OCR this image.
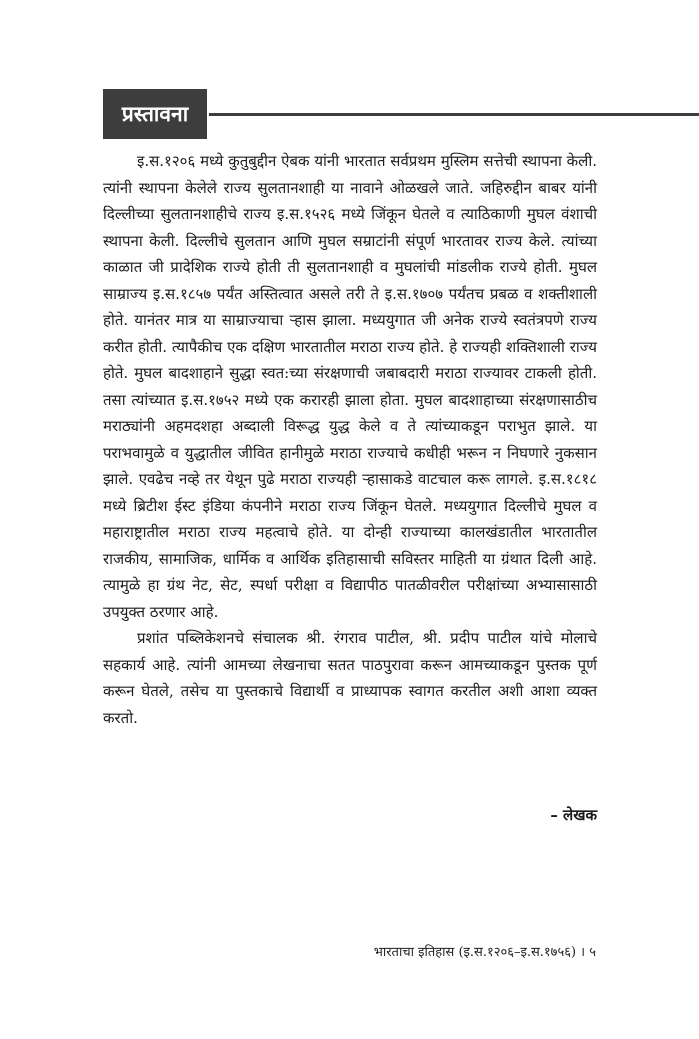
प्रस्तावना

इ.स.१२०६ मध्ये कुतुबुद्दीन ऐबक यांनी भारतात सर्वप्रथम मुस्लिम सत्तेची स्थापना केली. त्यांनी स्थापना केलेले राज्य सुलतानशाही या नावाने ओळखले जाते. जहिरुद्दीन बाबर यांनी दिल्लीच्या सुलतानशाहीचे राज्य इ.स.१५२६ मध्ये जिंकून घेतले व त्याठिकाणी मुघल वंशाची स्थापना केली. दिल्लीचे सुलतान आणि मुघल सम्राटांनी संपूर्ण भारतावर राज्य केले. त्यांच्या काळात जी प्रादेशिक राज्ये होती ती सुलतानशाही व मुघलांची मांडलीक राज्ये होती. मुघल साम्राज्य इ.स.१८५७ पर्यंत अस्तित्वात असले तरी ते इ.स.१७०७ पर्यंतच प्रबळ व शक्तीशाली होते. यानंतर मात्र या साम्राज्याचा ऱ्हास झाला. मध्ययुगात जी अनेक राज्ये स्वतंत्रपणे राज्य करीत होती. त्यापैकीच एक दक्षिण भारतातील मराठा राज्य होते. हे राज्यही शक्तिशाली राज्य होते. मुघल बादशाहाने सुद्धा स्वत:च्या संरक्षणाची जबाबदारी मराठा राज्यावर टाकली होती. तसा त्यांच्यात इ.स.१७५२ मध्ये एक करारही झाला होता. मुघल बादशाहाच्या संरक्षणासाठीच मराठ्यांनी अहमदशहा अब्दाली विरूद्ध युद्ध केले व ते त्यांच्याकडून पराभुत झाले. या पराभवामुळे व युद्धातील जीवित हानीमुळे मराठा राज्याचे कधीही भरून न निघणारे नुकसान झाले. एवढेच नव्हे तर येथून पुढे मराठा राज्यही ऱ्हासाकडे वाटचाल करू लागले. इ.स.१८१८ मध्ये ब्रिटीश ईस्ट इंडिया कंपनीने मराठा राज्य जिंकून घेतले. मध्ययुगात दिल्लीचे मुघल व महाराष्ट्रातील मराठा राज्य महत्वाचे होते. या दोन्ही राज्याच्या कालखंडातील भारतातील राजकीय, सामाजिक, धार्मिक व आर्थिक इतिहासाची सविस्तर माहिती या ग्रंथात दिली आहे. त्यामुळे हा ग्रंथ नेट, सेट, स्पर्धा परीक्षा व विद्यापीठ पातळीवरील परीक्षांच्या अभ्यासासाठी उपयुक्त ठरणार आहे.

प्रशांत पब्लिकेशनचे संचालक श्री. रंगराव पाटील, श्री. प्रदीप पाटील यांचे मोलाचे सहकार्य आहे. त्यांनी आमच्या लेखनाचा सतत पाठपुरावा करून आमच्याकडून पुस्तक पूर्ण करून घेतले, तसेच या पुस्तकाचे विद्यार्थी व प्राध्यापक स्वागत करतील अशी आशा व्यक्त करतो.

– लेखक
भारताचा इतिहास (इ.स.१२०६–इ.स.१७५६) । ५
